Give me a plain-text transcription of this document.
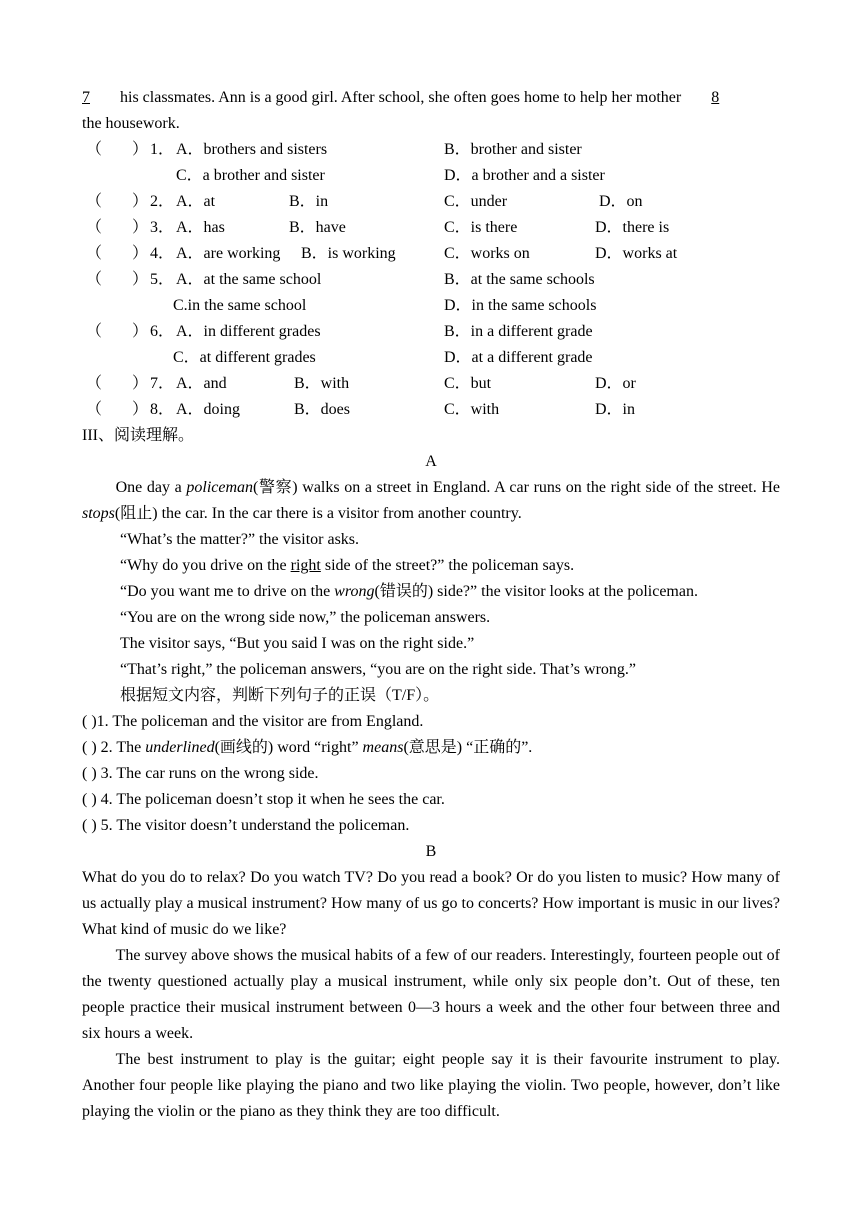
7 his classmates. Ann is a good girl. After school, she often goes home to help her mother 8
the housework.
（ ） 1． A．brothers and sisters	B．brother and sister
C．a brother and sister	D．a brother and a sister
（ ） 2． A．at	B．in	C．under	D．on
（ ） 3． A．has	B．have	C．is there	D．there is
（ ） 4． A．are working B．is working	C．works on	D．works at
（ ） 5． A．at the same school	B．at the same schools
C.in the same school	D．in the same schools
（ ） 6． A．in different grades	B．in a different grade
C．at different grades	D．at a different grade
（ ） 7． A．and	B．with	C．but	D．or
（ ） 8． A．doing	B．does	C．with	D．in
III、阅读理解。
A
One day a policeman(警察) walks on a street in England. A car runs on the right side of the street. He stops(阻止) the car. In the car there is a visitor from another country.
“What’s the matter?” the visitor asks.
“Why do you drive on the right side of the street?” the policeman says.
“Do you want me to drive on the wrong(错误的) side?” the visitor looks at the policeman.
“You are on the wrong side now,” the policeman answers.
The visitor says, “But you said I was on the right side.”
“That’s right,” the policeman answers, “you are on the right side. That’s wrong.”
根据短文内容，判断下列句子的正误（T/F）。
( )1. The policeman and the visitor are from England.
( ) 2. The underlined(画线的) word “right” means(意思是) “正确的”.
( ) 3. The car runs on the wrong side.
( ) 4. The policeman doesn’t stop it when he sees the car.
( ) 5. The visitor doesn’t understand the policeman.
B
What do you do to relax? Do you watch TV? Do you read a book? Or do you listen to music? How many of us actually play a musical instrument? How many of us go to concerts? How important is music in our lives? What kind of music do we like?
The survey above shows the musical habits of a few of our readers. Interestingly, fourteen people out of the twenty questioned actually play a musical instrument, while only six people don’t. Out of these, ten people practice their musical instrument between 0—3 hours a week and the other four between three and six hours a week.
The best instrument to play is the guitar; eight people say it is their favourite instrument to play. Another four people like playing the piano and two like playing the violin. Two people, however, don’t like playing the violin or the piano as they think they are too difficult.
